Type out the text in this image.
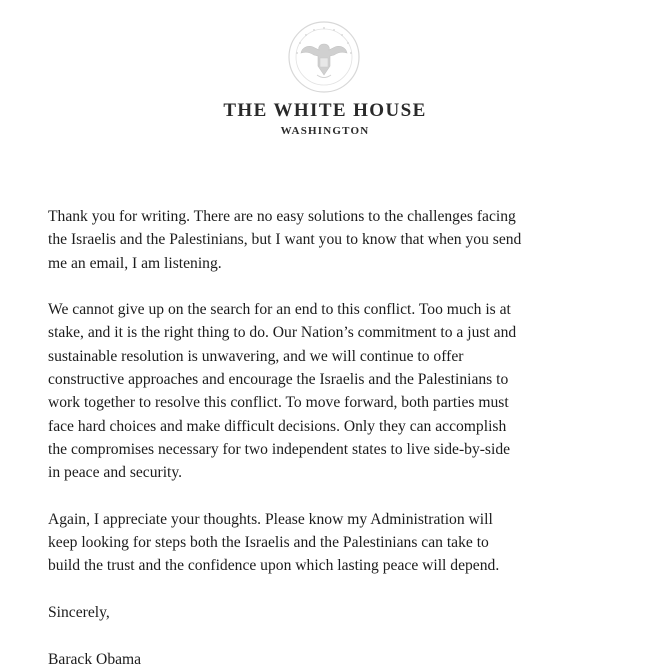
THE WHITE HOUSE
WASHINGTON

Thank you for writing. There are no easy solutions to the challenges facing
the Israelis and the Palestinians, but I want you to know that when you send
me an email, I am listening.

We cannot give up on the search for an end to this conflict. Too much is at
stake, and it is the right thing to do. Our Nation’s commitment to a just and
sustainable resolution is unwavering, and we will continue to offer
constructive approaches and encourage the Israelis and the Palestinians to
work together to resolve this conflict. To move forward, both parties must
face hard choices and make difficult decisions. Only they can accomplish
the compromises necessary for two independent states to live side-by-side
in peace and security.

Again, I appreciate your thoughts. Please know my Administration will
keep looking for steps both the Israelis and the Palestinians can take to
build the trust and the confidence upon which lasting peace will depend.

Sincerely,

Barack Obama
